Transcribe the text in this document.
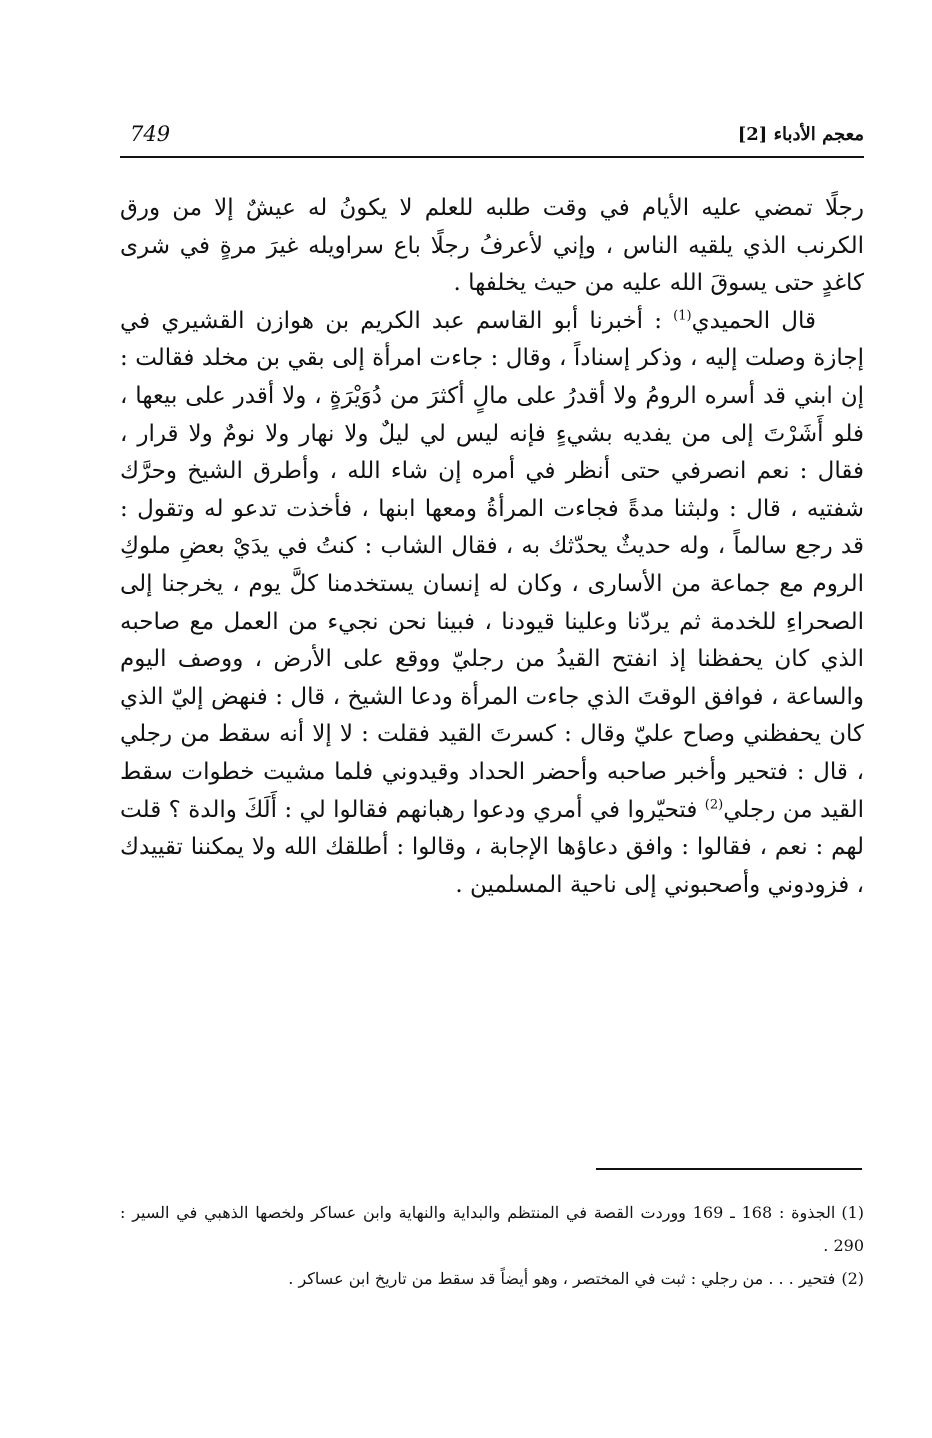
749	معجم الأدباء [2]

رجلًا تمضي عليه الأيام في وقت طلبه للعلم لا يكونُ له عيشٌ إلا من ورق الكرنب الذي يلقيه الناس ، وإني لأعرفُ رجلًا باع سراويله غيرَ مرةٍ في شرى كاغدٍ حتى يسوقَ الله عليه من حيث يخلفها .

قال الحميدي$^{(1)}$ : أخبرنا أبو القاسم عبد الكريم بن هوازن القشيري في إجازة وصلت إليه ، وذكر إسناداً ، وقال : جاءت امرأة إلى بقي بن مخلد فقالت : إن ابني قد أسره الرومُ ولا أقدرُ على مالٍ أكثرَ من دُوَيْرَةٍ ، ولا أقدر على بيعها ، فلو أَشَرْتَ إلى من يفديه بشيءٍ فإنه ليس لي ليلٌ ولا نهار ولا نومٌ ولا قرار ، فقال : نعم انصرفي حتى أنظر في أمره إن شاء الله ، وأطرق الشيخ وحرَّك شفتيه ، قال : ولبثنا مدةً فجاءت المرأةُ ومعها ابنها ، فأخذت تدعو له وتقول : قد رجع سالماً ، وله حديثٌ يحدّثك به ، فقال الشاب : كنتُ في يدَيْ بعضِ ملوكِ الروم مع جماعة من الأسارى ، وكان له إنسان يستخدمنا كلَّ يوم ، يخرجنا إلى الصحراءِ للخدمة ثم يردّنا وعلينا قيودنا ، فبينا نحن نجيء من العمل مع صاحبه الذي كان يحفظنا إذ انفتح القيدُ من رجليّ ووقع على الأرض ، ووصف اليوم والساعة ، فوافق الوقتَ الذي جاءت المرأة ودعا الشيخ ، قال : فنهض إليّ الذي كان يحفظني وصاح عليّ وقال : كسرتَ القيد فقلت : لا إلا أنه سقط من رجلي ، قال : فتحير وأخبر صاحبه وأحضر الحداد وقيدوني فلما مشيت خطوات سقط القيد من رجلي$^{(2)}$ فتحيّروا في أمري ودعوا رهبانهم فقالوا لي : أَلَكَ والدة ؟ قلت لهم : نعم ، فقالوا : وافق دعاؤها الإجابة ، وقالوا : أطلقك الله ولا يمكننا تقييدك ، فزودوني وأصحبوني إلى ناحية المسلمين .

(1)الجذوة : 168 ـ 169 ووردت القصة في المنتظم والبداية والنهاية وابن عساكر ولخصها الذهبي في السير : 290 .

(2)فتحير . . . من رجلي : ثبت في المختصر ، وهو أيضاً قد سقط من تاريخ ابن عساكر .
